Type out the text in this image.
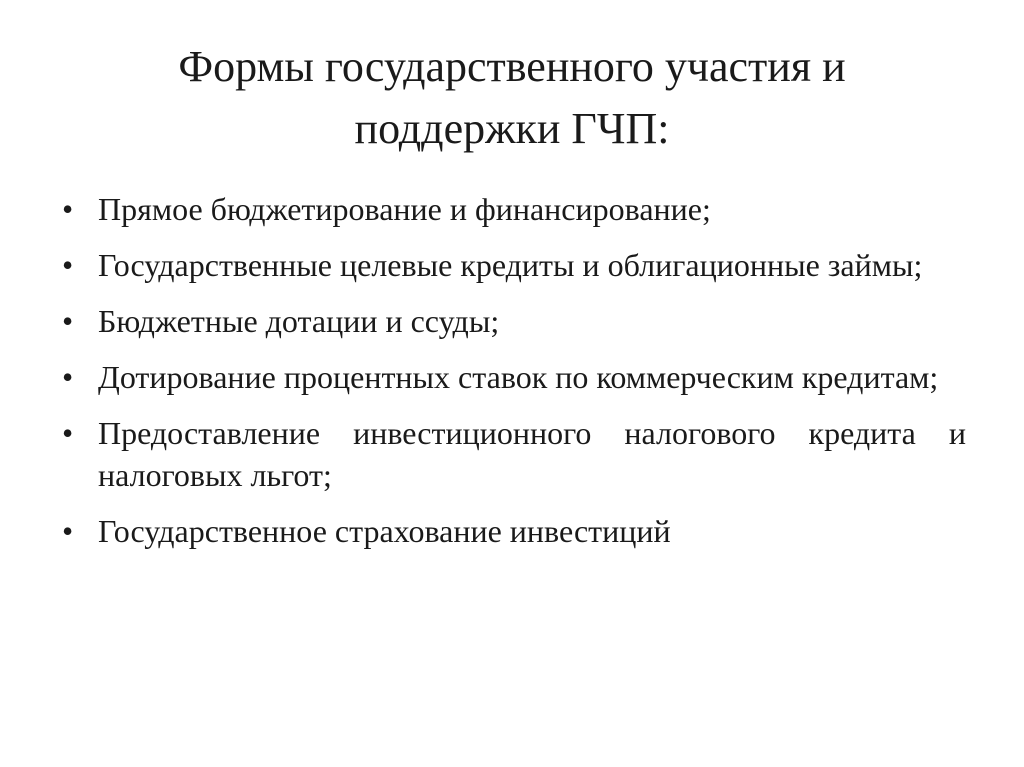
Формы государственного участия и
поддержки ГЧП:
• Прямое бюджетирование и финансирование;
• Государственные целевые кредиты и облигационные займы;
• Бюджетные дотации и ссуды;
• Дотирование процентных ставок по коммерческим кредитам;
• Предоставление инвестиционного налогового кредита и налоговых льгот;
• Государственное страхование инвестиций
